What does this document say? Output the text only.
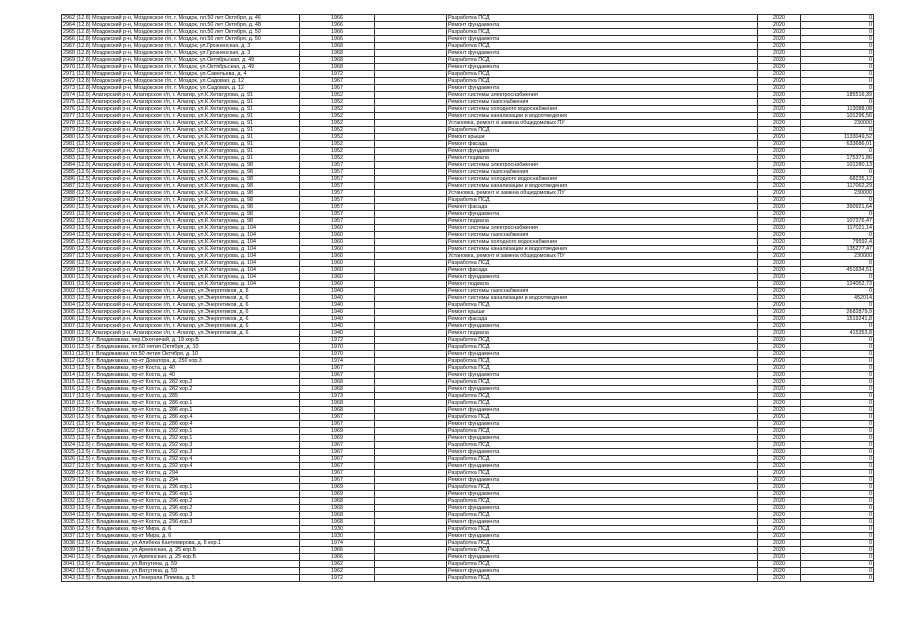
2962 (12.8) Моздокский р-н, Моздокское г/п, г. Моздок, пл.50 лет Октября, д. 46	1966		Разработка ПСД	2020	0
2964 (12.8) Моздокский р-н, Моздокское г/п, г. Моздок, пл.50 лет Октября, д. 48	1966		Ремонт фундамента	2020	0
2965 (12.8) Моздокский р-н, Моздокское г/п, г. Моздок, пл.50 лет Октября, д. 50	1966		Разработка ПСД	2020	0
2966 (12.8) Моздокский р-н, Моздокское г/п, г. Моздок, пл.50 лет Октября, д. 50	1966		Ремонт фундамента	2020	0
2967 (12.8) Моздокский р-н, Моздокское г/п, г. Моздок, ул.Грозненская, д. 3	1968		Разработка ПСД	2020	0
2968 (12.8) Моздокский р-н, Моздокское г/п, г. Моздок, ул.Грозненская, д. 3	1968		Ремонт фундамента	2020	0
2969 (12.8) Моздокский р-н, Моздокское г/п, г. Моздок, ул.Октябрьская, д. 49	1968		Разработка ПСД	2020	0
2970 (12.8) Моздокский р-н, Моздокское г/п, г. Моздок, ул.Октябрьская, д. 49	1968		Ремонт фундамента	2020	0
2971 (12.8) Моздокский р-н, Моздокское г/п, г. Моздок, ул.Савельева, д. 4	1972		Разработка ПСД	2020	0
2972 (12.8) Моздокский р-н, Моздокское г/п, г. Моздок, ул.Садовая, д. 12	1967		Разработка ПСД	2020	0
2973 (12.8) Моздокский р-н, Моздокское г/п, г. Моздок, ул.Садовая, д. 12	1967		Ремонт фундамента	2020	0
2974 (12.5) Алагирский р-н, Алагирское г/п, г. Алагир, ул.К.Хетагурова, д. 91	1952		Ремонт системы электроснабжения	2020	185516,39
2975 (12.5) Алагирский р-н, Алагирское г/п, г. Алагир, ул.К.Хетагурова, д. 91	1952		Ремонт системы газоснабжения	2020	0
2976 (12.5) Алагирский р-н, Алагирское г/п, г. Алагир, ул.К.Хетагурова, д. 91	1952		Ремонт системы холодного водоснабжения	2020	113088,08
2977 (12.5) Алагирский р-н, Алагирское г/п, г. Алагир, ул.К.Хетагурова, д. 91	1952		Ремонт системы канализации и водоотведения	2020	101296,56
2978 (12.5) Алагирский р-н, Алагирское г/п, г. Алагир, ул.К.Хетагурова, д. 91	1952		Установка, ремонт и замена общедомовых ПУ	2020	230000
2979 (12.5) Алагирский р-н, Алагирское г/п, г. Алагир, ул.К.Хетагурова, д. 91	1952		Разработка ПСД	2020	0
2980 (12.5) Алагирский р-н, Алагирское г/п, г. Алагир, ул.К.Хетагурова, д. 91	1952		Ремонт крыши	2020	1133049,52
2981 (12.5) Алагирский р-н, Алагирское г/п, г. Алагир, ул.К.Хетагурова, д. 91	1952		Ремонт фасада	2020	633686,01
2982 (12.5) Алагирский р-н, Алагирское г/п, г. Алагир, ул.К.Хетагурова, д. 91	1952		Ремонт фундамента	2020	0
2983 (12.5) Алагирский р-н, Алагирское г/п, г. Алагир, ул.К.Хетагурова, д. 91	1952		Ремонт подвала	2020	175371,86
2984 (12.5) Алагирский р-н, Алагирское г/п, г. Алагир, ул.К.Хетагурова, д. 98	1957		Ремонт системы электроснабжения	2020	101280,13
2985 (12.5) Алагирский р-н, Алагирское г/п, г. Алагир, ул.К.Хетагурова, д. 98	1957		Ремонт системы газоснабжения	2020	0
2986 (12.5) Алагирский р-н, Алагирское г/п, г. Алагир, ул.К.Хетагурова, д. 98	1957		Ремонт системы холодного водоснабжения	2020	68235,12
2987 (12.5) Алагирский р-н, Алагирское г/п, г. Алагир, ул.К.Хетагурова, д. 98	1957		Ремонт системы канализации и водоотведения	2020	117062,29
2988 (12.5) Алагирский р-н, Алагирское г/п, г. Алагир, ул.К.Хетагурова, д. 98	1957		Установка, ремонт и замена общедомовых ПУ	2020	230000
2989 (12.5) Алагирский р-н, Алагирское г/п, г. Алагир, ул.К.Хетагурова, д. 98	1957		Разработка ПСД	2020	0
2990 (12.5) Алагирский р-н, Алагирское г/п, г. Алагир, ул.К.Хетагурова, д. 98	1957		Ремонт фасада	2020	390921,64
2991 (12.5) Алагирский р-н, Алагирское г/п, г. Алагир, ул.К.Хетагурова, д. 98	1957		Ремонт фундамента	2020	0
2992 (12.5) Алагирский р-н, Алагирское г/п, г. Алагир, ул.К.Хетагурова, д. 98	1957		Ремонт подвала	2020	107376,47
2993 (12.5) Алагирский р-н, Алагирское г/п, г. Алагир, ул.К.Хетагурова, д. 104	1960		Ремонт системы электроснабжения	2020	117021,14
2994 (12.5) Алагирский р-н, Алагирское г/п, г. Алагир, ул.К.Хетагурова, д. 104	1960		Ремонт системы газоснабжения	2020	0
2995 (12.5) Алагирский р-н, Алагирское г/п, г. Алагир, ул.К.Хетагурова, д. 104	1960		Ремонт системы холодного водоснабжения	2020	79592,4
2996 (12.5) Алагирский р-н, Алагирское г/п, г. Алагир, ул.К.Хетагурова, д. 104	1960		Ремонт системы канализации и водоотведения	2020	135277,47
2997 (12.5) Алагирский р-н, Алагирское г/п, г. Алагир, ул.К.Хетагурова, д. 104	1960		Установка, ремонт и замена общедомовых ПУ	2020	230000
2998 (12.5) Алагирский р-н, Алагирское г/п, г. Алагир, ул.К.Хетагурова, д. 104	1960		Разработка ПСД	2020	0
2999 (12.5) Алагирский р-н, Алагирское г/п, г. Алагир, ул.К.Хетагурова, д. 104	1960		Ремонт фасада	2020	451634,51
3000 (12.5) Алагирский р-н, Алагирское г/п, г. Алагир, ул.К.Хетагурова, д. 104	1960		Ремонт фундамента	2020	0
3001 (12.5) Алагирский р-н, Алагирское г/п, г. Алагир, ул.К.Хетагурова, д. 104	1960		Ремонт подвала	2020	124052,73
3002 (12.5) Алагирский р-н, Алагирское г/п, г. Алагир, ул.Энергетиков, д. 6	1940		Ремонт системы газоснабжения	2020	0
3003 (12.5) Алагирский р-н, Алагирское г/п, г. Алагир, ул.Энергетиков, д. 6	1940		Ремонт системы канализации и водоотведения	2020	452014
3004 (12.5) Алагирский р-н, Алагирское г/п, г. Алагир, ул.Энергетиков, д. 6	1940		Разработка ПСД	2020	0
3005 (12.5) Алагирский р-н, Алагирское г/п, г. Алагир, ул.Энергетиков, д. 6	1940		Ремонт крыши	2020	2682879,9
3006 (12.5) Алагирский р-н, Алагирское г/п, г. Алагир, ул.Энергетиков, д. 6	1940		Ремонт фасада	2020	1519241,8
3007 (12.5) Алагирский р-н, Алагирское г/п, г. Алагир, ул.Энергетиков, д. 6	1940		Ремонт фундамента	2020	0
3008 (12.5) Алагирский р-н, Алагирское г/п, г. Алагир, ул.Энергетиков, д. 6	1940		Ремонт подвала	2020	415353,8
3009 (12.5) г. Владикавказ, пер.Охотничий, д. 19 кор.Б	1972		Разработка ПСД	2020	0
3010 (12.5) г. Владикавказ, пл.50 летия Октября, д. 10	1970		Разработка ПСД	2020	0
3011 (12.5) г. Владикавказ, пл.50 летия Октября, д. 10	1970		Ремонт фундамента	2020	0
3012 (12.5) г. Владикавказ, пр-кт Доватора, д. 250 кор.3	1974		Разработка ПСД	2020	0
3013 (12.5) г. Владикавказ, пр-кт Коста, д. 40	1967		Разработка ПСД	2020	0
3014 (12.5) г. Владикавказ, пр-кт Коста, д. 40	1967		Ремонт фундамента	2020	0
3015 (12.5) г. Владикавказ, пр-кт Коста, д. 282 кор.2	1968		Разработка ПСД	2020	0
3016 (12.5) г. Владикавказ, пр-кт Коста, д. 282 кор.2	1968		Ремонт фундамента	2020	0
3017 (12.5) г. Владикавказ, пр-кт Коста, д. 285	1973		Разработка ПСД	2020	0
3018 (12.5) г. Владикавказ, пр-кт Коста, д. 286 кор.1	1968		Разработка ПСД	2020	0
3019 (12.5) г. Владикавказ, пр-кт Коста, д. 286 кор.1	1968		Ремонт фундамента	2020	0
3020 (12.5) г. Владикавказ, пр-кт Коста, д. 286 кор.4	1967		Разработка ПСД	2020	0
3021 (12.5) г. Владикавказ, пр-кт Коста, д. 286 кор.4	1967		Ремонт фундамента	2020	0
3022 (12.5) г. Владикавказ, пр-кт Коста, д. 292 кор.1	1969		Разработка ПСД	2020	0
3023 (12.5) г. Владикавказ, пр-кт Коста, д. 292 кор.1	1969		Ремонт фундамента	2020	0
3024 (12.5) г. Владикавказ, пр-кт Коста, д. 292 кор.3	1967		Разработка ПСД	2020	0
3025 (12.5) г. Владикавказ, пр-кт Коста, д. 292 кор.3	1967		Ремонт фундамента	2020	0
3026 (12.5) г. Владикавказ, пр-кт Коста, д. 292 кор.4	1967		Разработка ПСД	2020	0
3027 (12.5) г. Владикавказ, пр-кт Коста, д. 292 кор.4	1967		Ремонт фундамента	2020	0
3028 (12.5) г. Владикавказ, пр-кт Коста, д. 294	1967		Разработка ПСД	2020	0
3029 (12.5) г. Владикавказ, пр-кт Коста, д. 294	1967		Ремонт фундамента	2020	0
3030 (12.5) г. Владикавказ, пр-кт Коста, д. 296 кор.1	1969		Разработка ПСД	2020	0
3031 (12.5) г. Владикавказ, пр-кт Коста, д. 296 кор.1	1969		Ремонт фундамента	2020	0
3032 (12.5) г. Владикавказ, пр-кт Коста, д. 296 кор.2	1968		Разработка ПСД	2020	0
3033 (12.5) г. Владикавказ, пр-кт Коста, д. 296 кор.2	1968		Ремонт фундамента	2020	0
3034 (12.5) г. Владикавказ, пр-кт Коста, д. 296 кор.3	1968		Разработка ПСД	2020	0
3035 (12.5) г. Владикавказ, пр-кт Коста, д. 296 кор.3	1968		Ремонт фундамента	2020	0
3036 (12.5) г. Владикавказ, пр-кт Мира, д. 6	1930		Разработка ПСД	2020	0
3037 (12.5) г. Владикавказ, пр-кт Мира, д. 6	1930		Ремонт фундамента	2020	0
3038 (12.5) г. Владикавказ, ул.Алибека Кантемирова, д. 6 кор.1	1974		Разработка ПСД	2020	0
3039 (12.5) г. Владикавказ, ул.Армянская, д. 25 кор.Б	1966		Разработка ПСД	2020	0
3040 (12.5) г. Владикавказ, ул.Армянская, д. 25 кор.Б	1966		Ремонт фундамента	2020	0
3041 (12.5) г. Владикавказ, ул.Ватутина, д. 59	1962		Разработка ПСД	2020	0
3042 (12.5) г. Владикавказ, ул.Ватутина, д. 59	1962		Ремонт фундамента	2020	0
3043 (12.5) г. Владикавказ, ул.Генерала Плиева, д. 5	1972		Разработка ПСД	2020	0
